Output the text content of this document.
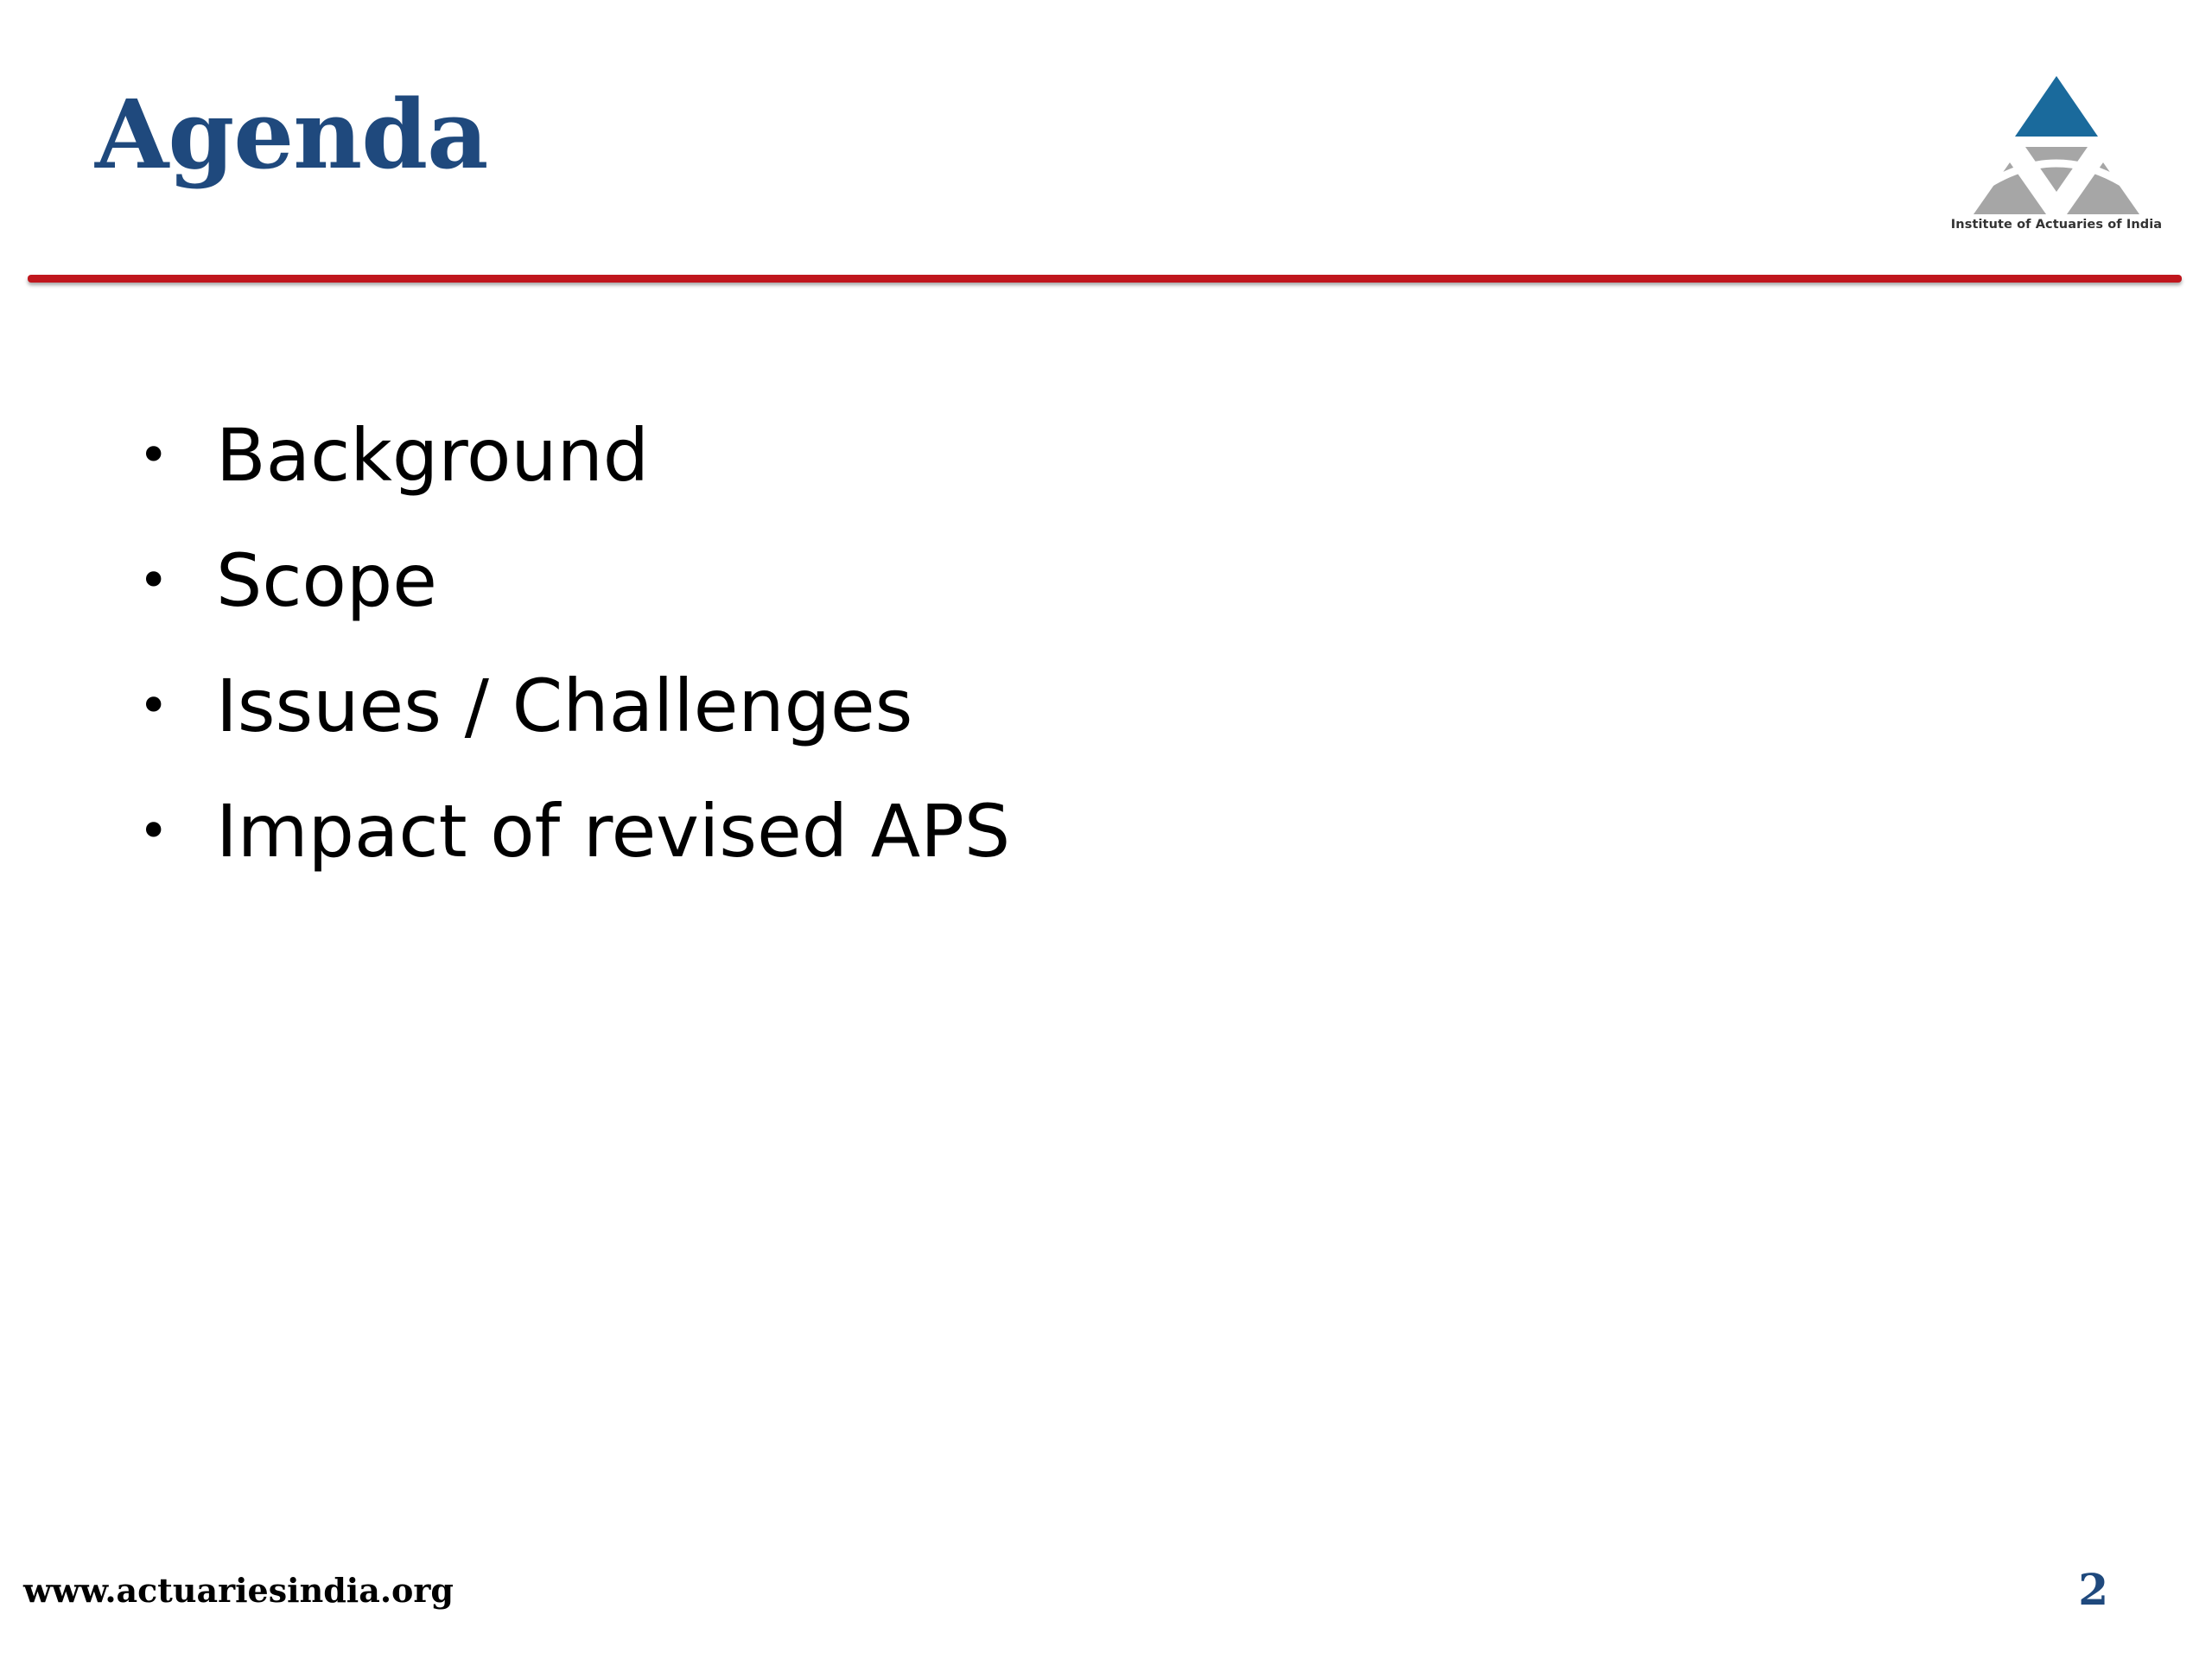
Agenda
Institute of Actuaries of India
• Background
• Scope
• Issues / Challenges
• Impact of revised APS
www.actuariesindia.org	2
